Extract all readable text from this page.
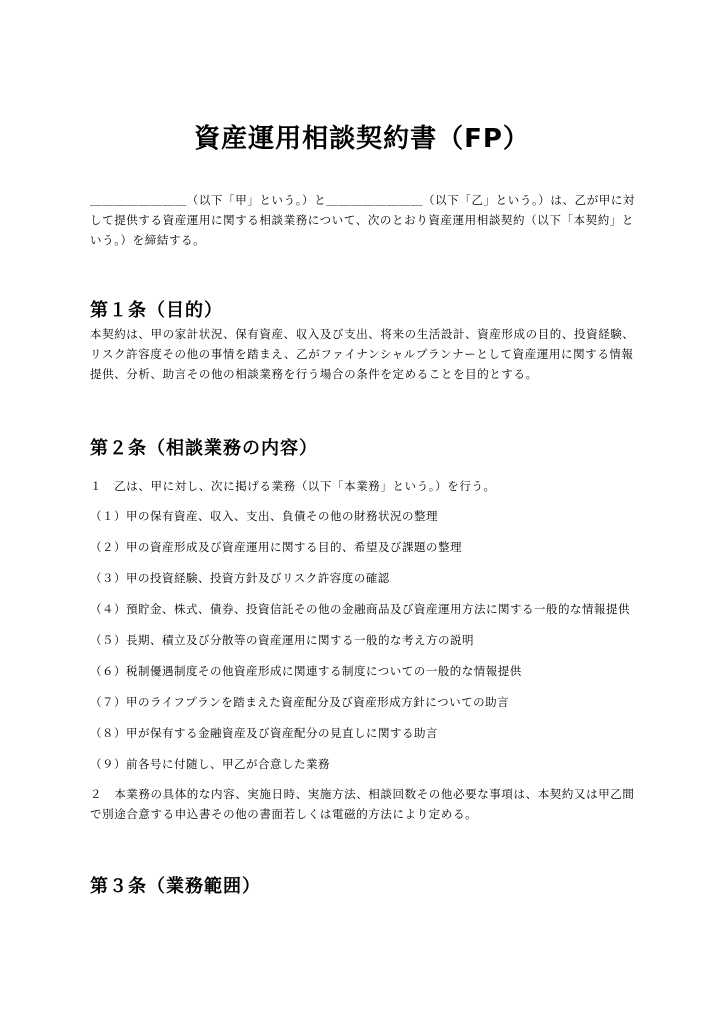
資産運用相談契約書（FP）
＿＿＿＿＿＿＿＿（以下「甲」という。）と＿＿＿＿＿＿＿＿（以下「乙」という。）は、乙が甲に対して提供する資産運用に関する相談業務について、次のとおり資産運用相談契約（以下「本契約」という。）を締結する。
第１条（目的）
本契約は、甲の家計状況、保有資産、収入及び支出、将来の生活設計、資産形成の目的、投資経験、リスク許容度その他の事情を踏まえ、乙がファイナンシャルプランナーとして資産運用に関する情報提供、分析、助言その他の相談業務を行う場合の条件を定めることを目的とする。
第２条（相談業務の内容）
１　乙は、甲に対し、次に掲げる業務（以下「本業務」という。）を行う。
（１）甲の保有資産、収入、支出、負債その他の財務状況の整理
（２）甲の資産形成及び資産運用に関する目的、希望及び課題の整理
（３）甲の投資経験、投資方針及びリスク許容度の確認
（４）預貯金、株式、債券、投資信託その他の金融商品及び資産運用方法に関する一般的な情報提供
（５）長期、積立及び分散等の資産運用に関する一般的な考え方の説明
（６）税制優遇制度その他資産形成に関連する制度についての一般的な情報提供
（７）甲のライフプランを踏まえた資産配分及び資産形成方針についての助言
（８）甲が保有する金融資産及び資産配分の見直しに関する助言
（９）前各号に付随し、甲乙が合意した業務
２　本業務の具体的な内容、実施日時、実施方法、相談回数その他必要な事項は、本契約又は甲乙間で別途合意する申込書その他の書面若しくは電磁的方法により定める。
第３条（業務範囲）
